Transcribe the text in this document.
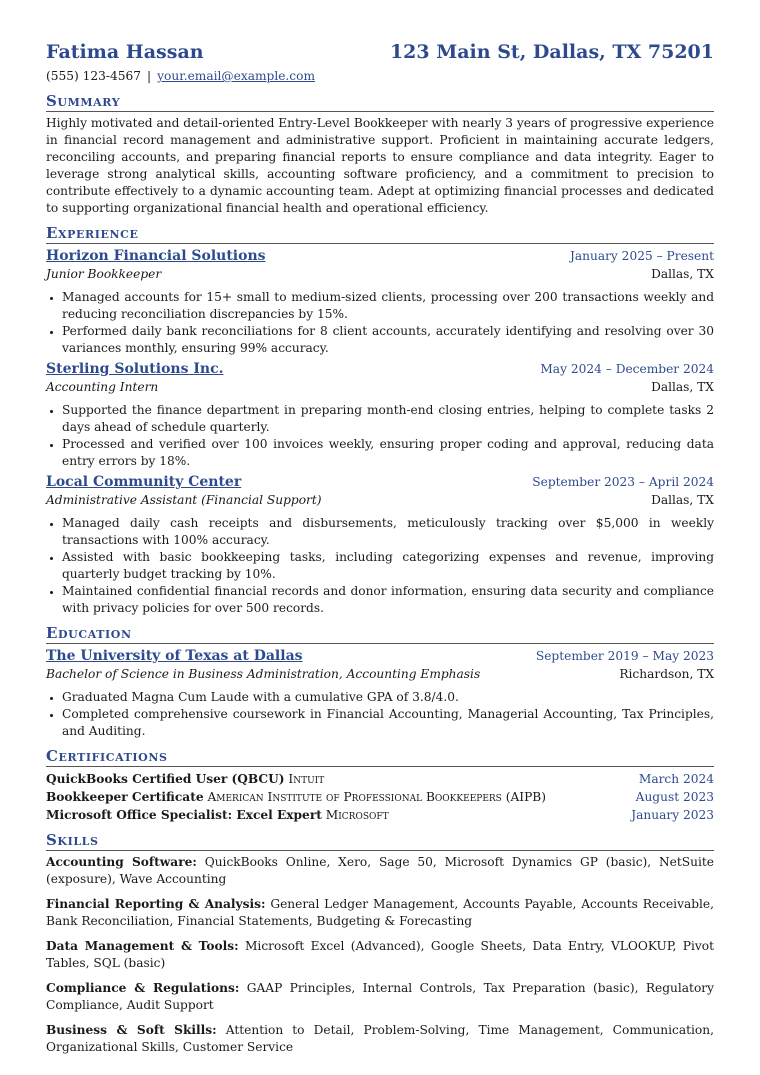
Fatima Hassan	123 Main St, Dallas, TX 75201
(555) 123-4567 | your.email@example.com
Summary
Highly motivated and detail-oriented Entry-Level Bookkeeper with nearly 3 years of progressive experience in financial record management and administrative support. Proficient in maintaining accurate ledgers, reconciling accounts, and preparing financial reports to ensure compliance and data integrity. Eager to leverage strong analytical skills, accounting software proficiency, and a commitment to precision to contribute effectively to a dynamic accounting team. Adept at optimizing financial processes and dedicated to supporting organizational financial health and operational efficiency.
Experience
Horizon Financial Solutions	January 2025 – Present
Junior Bookkeeper	Dallas, TX
• Managed accounts for 15+ small to medium-sized clients, processing over 200 transactions weekly and reducing reconciliation discrepancies by 15%.
• Performed daily bank reconciliations for 8 client accounts, accurately identifying and resolving over 30 variances monthly, ensuring 99% accuracy.
Sterling Solutions Inc.	May 2024 – December 2024
Accounting Intern	Dallas, TX
• Supported the finance department in preparing month-end closing entries, helping to complete tasks 2 days ahead of schedule quarterly.
• Processed and verified over 100 invoices weekly, ensuring proper coding and approval, reducing data entry errors by 18%.
Local Community Center	September 2023 – April 2024
Administrative Assistant (Financial Support)	Dallas, TX
• Managed daily cash receipts and disbursements, meticulously tracking over $5,000 in weekly transactions with 100% accuracy.
• Assisted with basic bookkeeping tasks, including categorizing expenses and revenue, improving quarterly budget tracking by 10%.
• Maintained confidential financial records and donor information, ensuring data security and compliance with privacy policies for over 500 records.
Education
The University of Texas at Dallas	September 2019 – May 2023
Bachelor of Science in Business Administration, Accounting Emphasis	Richardson, TX
• Graduated Magna Cum Laude with a cumulative GPA of 3.8/4.0.
• Completed comprehensive coursework in Financial Accounting, Managerial Accounting, Tax Principles, and Auditing.
Certifications
QuickBooks Certified User (QBCU) Intuit	March 2024
Bookkeeper Certificate American Institute of Professional Bookkeepers (AIPB)	August 2023
Microsoft Office Specialist: Excel Expert Microsoft	January 2023
Skills
Accounting Software: QuickBooks Online, Xero, Sage 50, Microsoft Dynamics GP (basic), NetSuite (exposure), Wave Accounting
Financial Reporting & Analysis: General Ledger Management, Accounts Payable, Accounts Receivable, Bank Reconciliation, Financial Statements, Budgeting & Forecasting
Data Management & Tools: Microsoft Excel (Advanced), Google Sheets, Data Entry, VLOOKUP, Pivot Tables, SQL (basic)
Compliance & Regulations: GAAP Principles, Internal Controls, Tax Preparation (basic), Regulatory Compliance, Audit Support
Business & Soft Skills: Attention to Detail, Problem-Solving, Time Management, Communication, Organizational Skills, Customer Service
